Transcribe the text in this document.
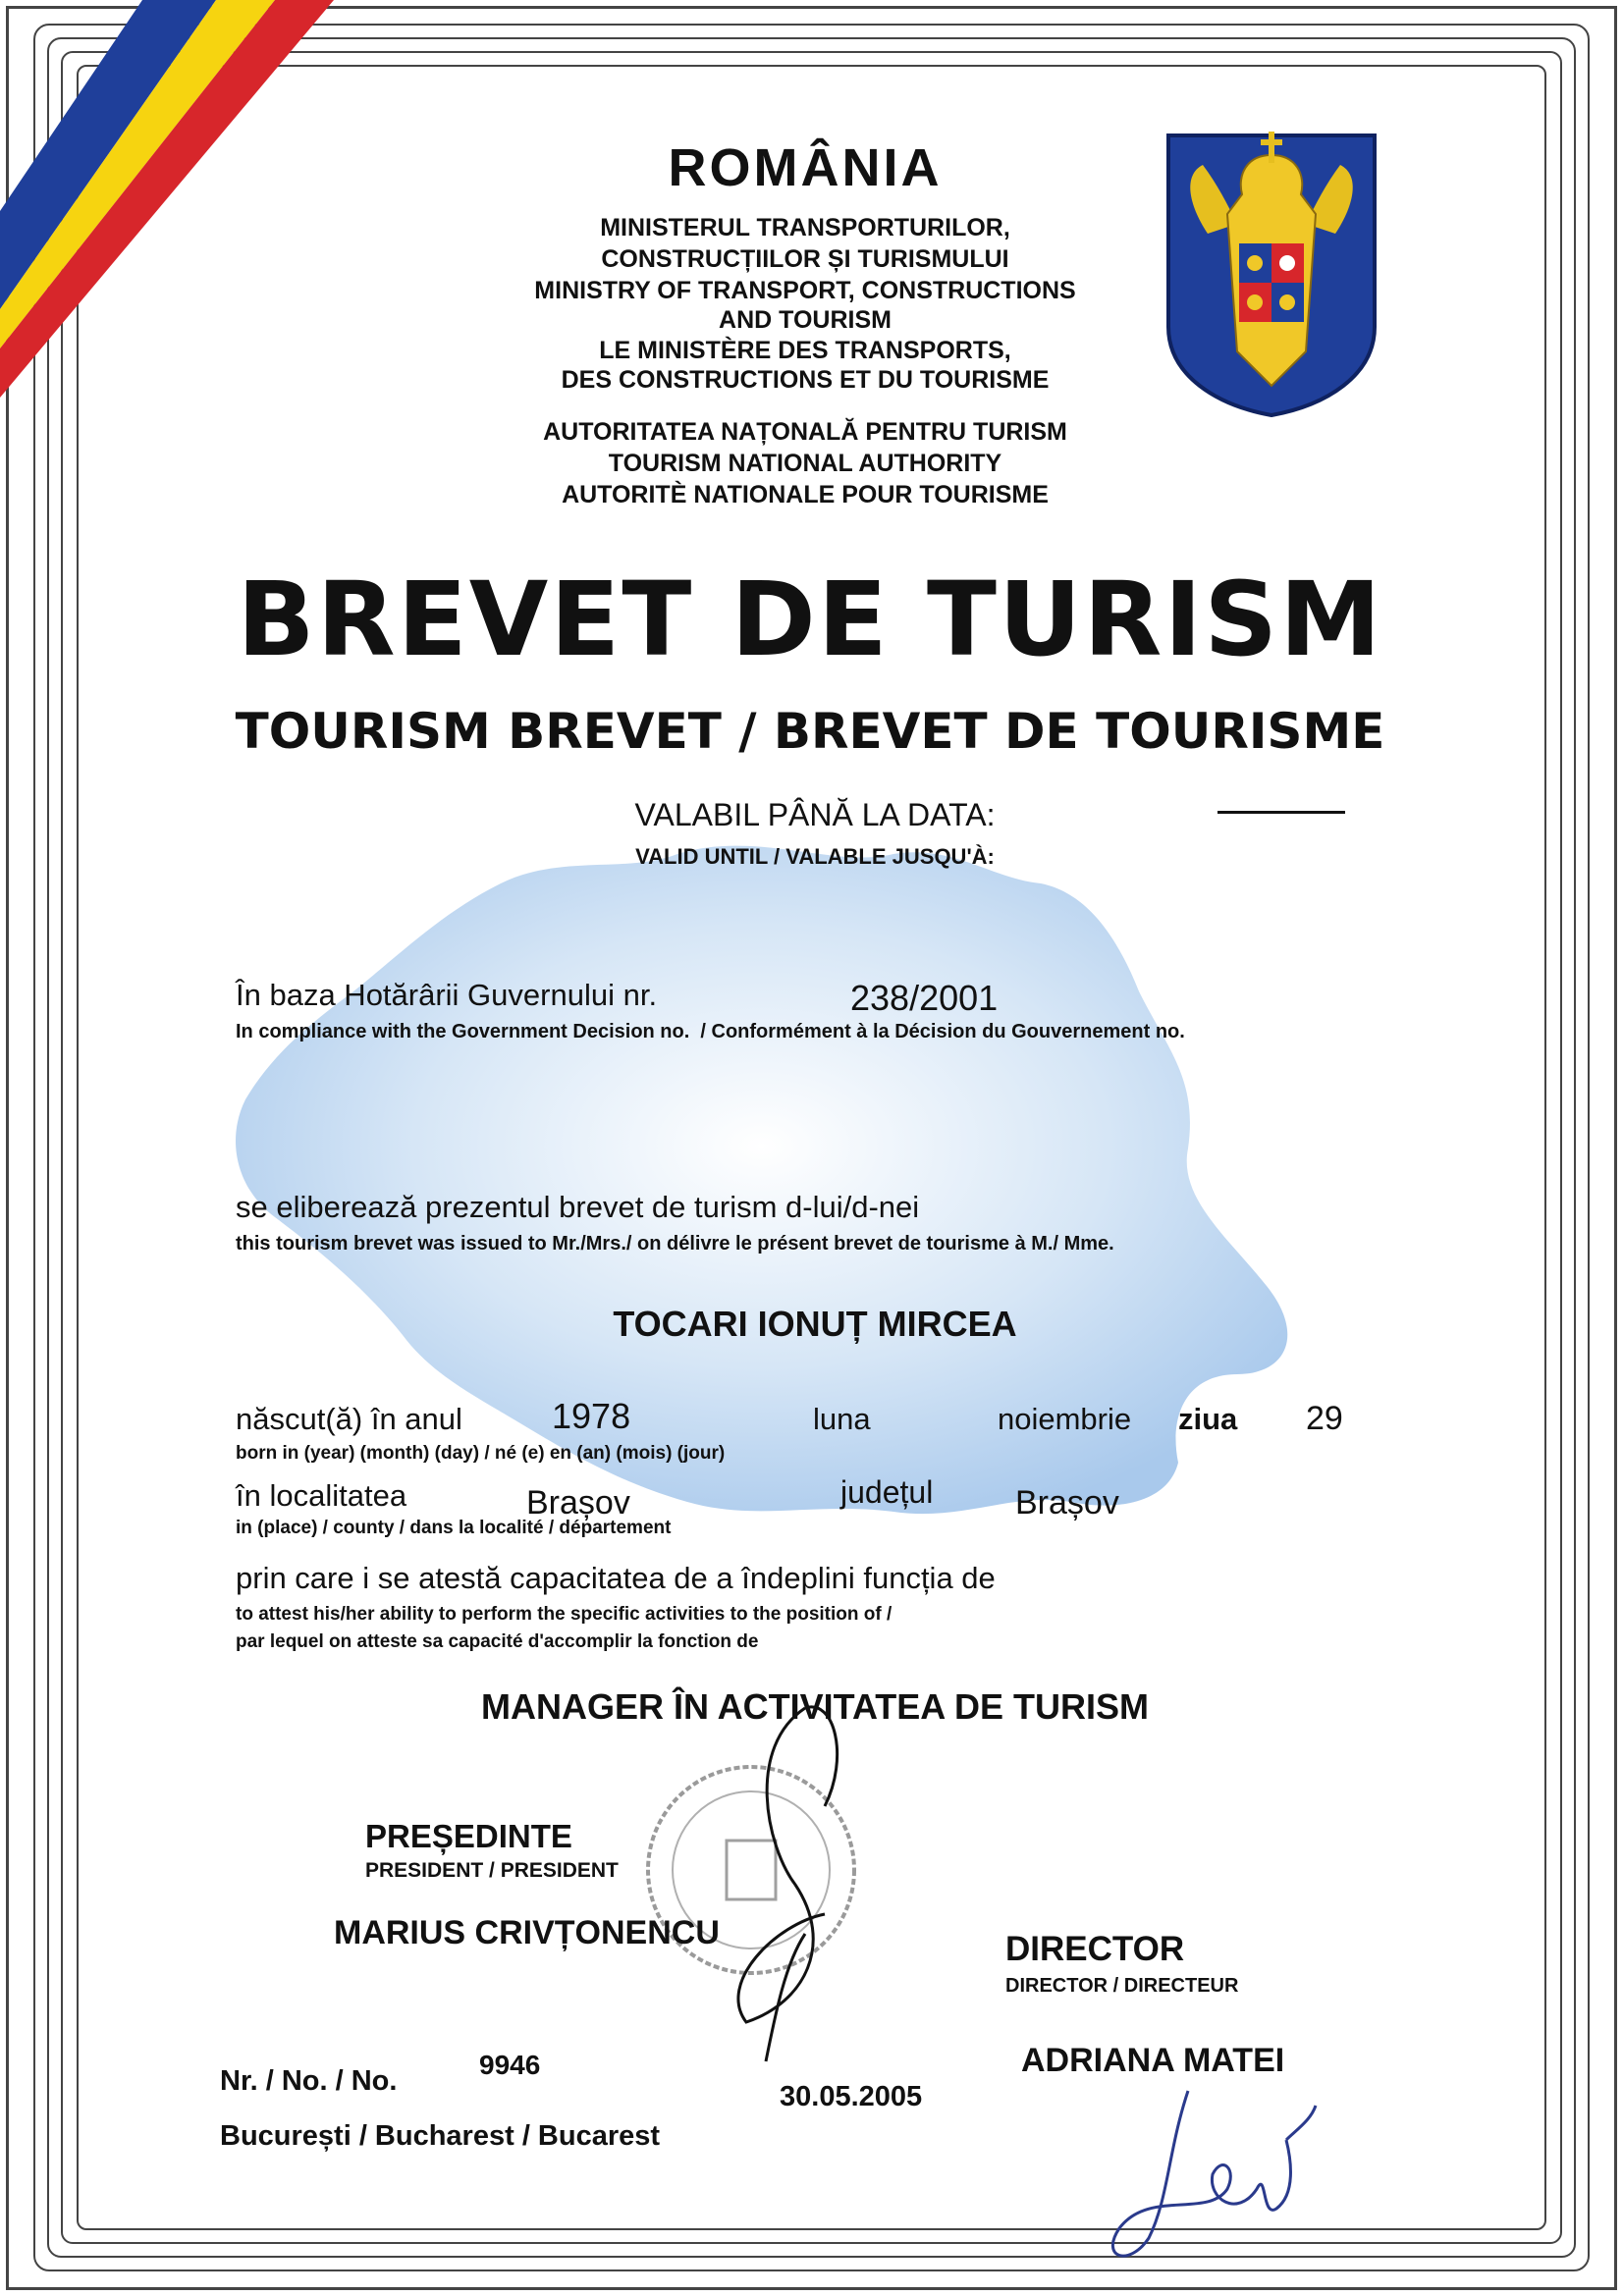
ROMÂNIA
MINISTERUL TRANSPORTURILOR,
CONSTRUCȚIILOR ȘI TURISMULUI
MINISTRY OF TRANSPORT, CONSTRUCTIONS
AND TOURISM
LE MINISTÈRE DES TRANSPORTS,
DES CONSTRUCTIONS ET DU TOURISME
AUTORITATEA NAȚONALĂ PENTRU TURISM
TOURISM NATIONAL AUTHORITY
AUTORITÈ NATIONALE POUR TOURISME
BREVET DE TURISM
TOURISM BREVET / BREVET DE TOURISME
VALABIL PÂNĂ LA DATA:
VALID UNTIL / VALABLE JUSQU'À:
În baza Hotărârii Guvernului nr.	238/2001
In compliance with the Government Decision no.  / Conformément à la Décision du Gouvernement no.
se eliberează prezentul brevet de turism d-lui/d-nei
this tourism brevet was issued to Mr./Mrs./ on délivre le présent brevet de tourisme à M./ Mme.
TOCARI IONUȚ MIRCEA
născut(ă) în anul	1978	luna	noiembrie ziua 29
born in (year) (month) (day) / né (e) en (an) (mois) (jour)
în localitatea	Brașov	județul Brașov
in (place) / county / dans la localité / département
prin care i se atestă capacitatea de a îndeplini funcția de
to attest his/her ability to perform the specific activities to the position of /
par lequel on atteste sa capacité d'accomplir la fonction de
MANAGER ÎN ACTIVITATEA DE TURISM
PREȘEDINTE
PRESIDENT / PRESIDENT
MARIUS CRIVȚONENCU	DIRECTOR
DIRECTOR / DIRECTEUR
ADRIANA MATEI
Nr. / No. / No.
9946
30.05.2005
București / Bucharest / Bucarest
